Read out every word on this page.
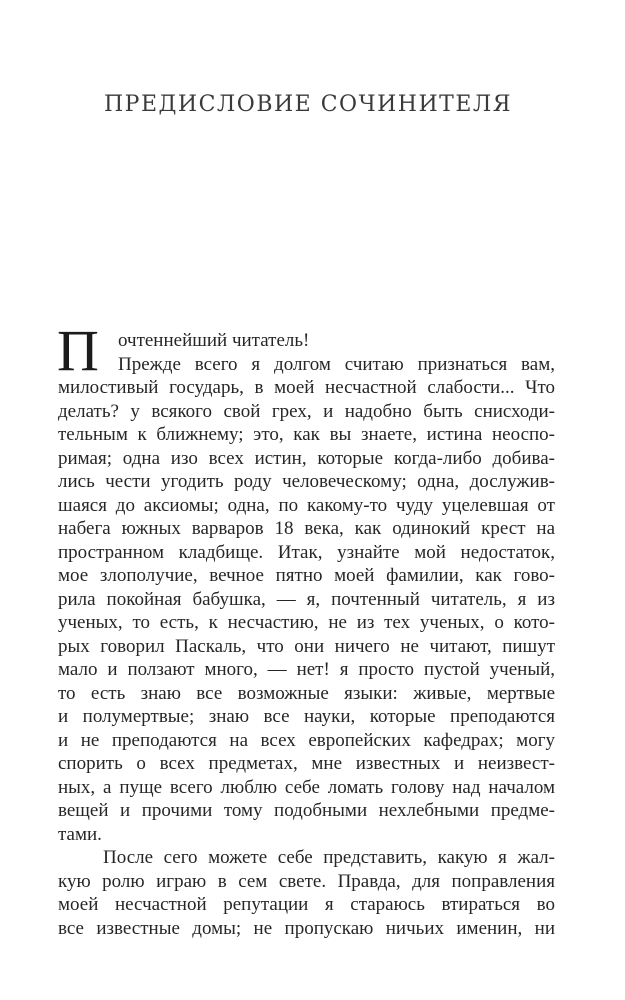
ПРЕДИСЛОВИЕ СОЧИНИТЕЛЯ
П очтеннейший читатель!
Прежде всего я долгом считаю признаться вам,
милостивый государь, в моей несчастной слабости... Что
делать? у всякого свой грех, и надобно быть снисходи-
тельным к ближнему; это, как вы знаете, истина неоспо-
римая; одна изо всех истин, которые когда-либо добива-
лись чести угодить роду человеческому; одна, дослужив-
шаяся до аксиомы; одна, по какому-то чуду уцелевшая от
набега южных варваров 18 века, как одинокий крест на
пространном кладбище. Итак, узнайте мой недостаток,
мое злополучие, вечное пятно моей фамилии, как гово-
рила покойная бабушка, — я, почтенный читатель, я из
ученых, то есть, к несчастию, не из тех ученых, о кото-
рых говорил Паскаль, что они ничего не читают, пишут
мало и ползают много, — нет! я просто пустой ученый,
то есть знаю все возможные языки: живые, мертвые
и полумертвые; знаю все науки, которые преподаются
и не преподаются на всех европейских кафедрах; могу
спорить о всех предметах, мне известных и неизвест-
ных, а пуще всего люблю себе ломать голову над началом
вещей и прочими тому подобными нехлебными предме-
тами.
После сего можете себе представить, какую я жал-
кую ролю играю в сем свете. Правда, для поправления
моей несчастной репутации я стараюсь втираться во
все известные домы; не пропускаю ничьих именин, ни
